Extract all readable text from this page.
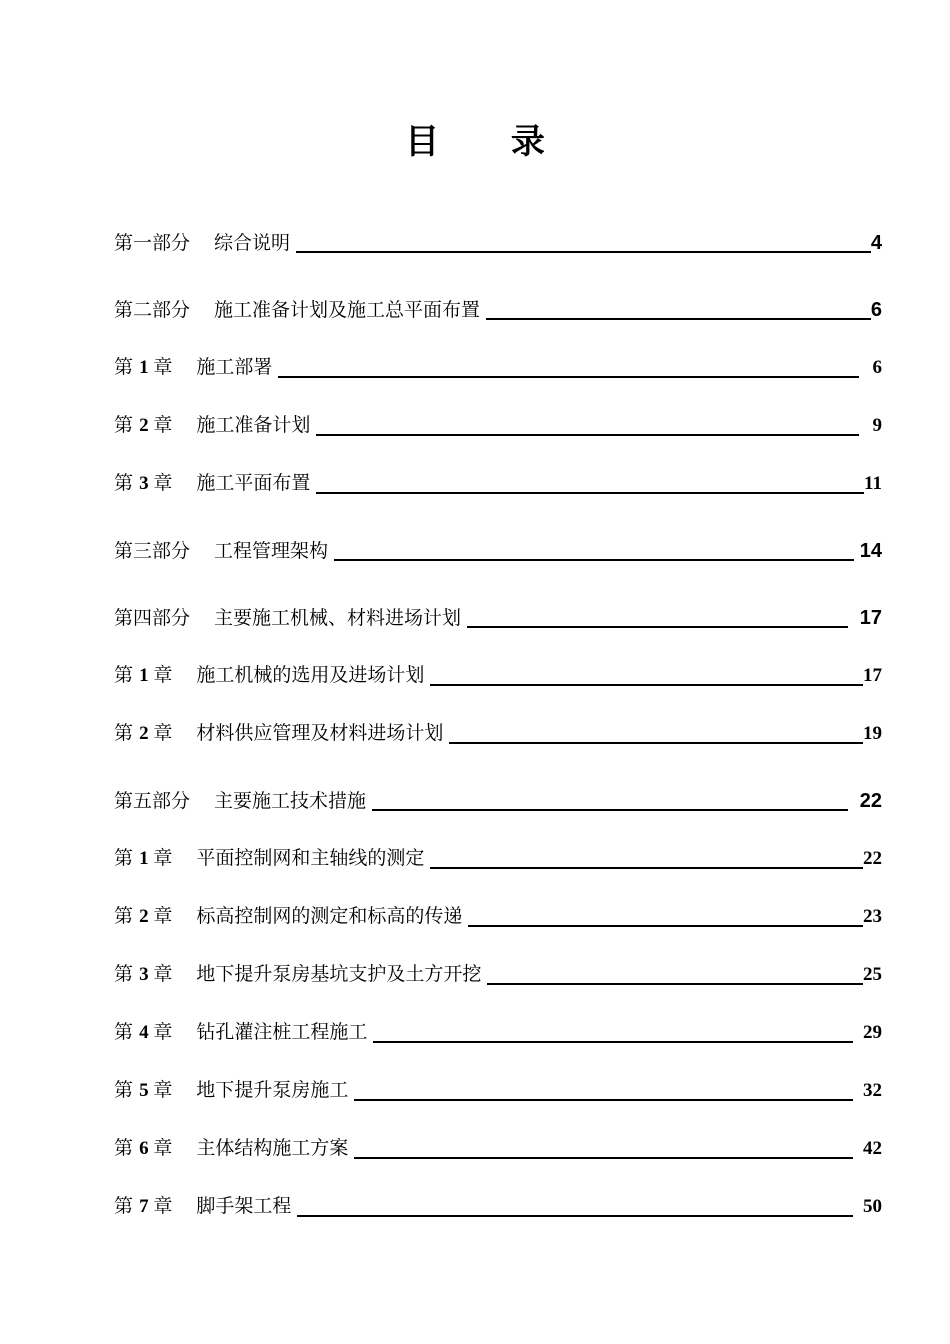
目 录
第一部分 综合说明	4
第二部分 施工准备计划及施工总平面布置	6
第 1 章 施工部署	6
第 2 章 施工准备计划	9
第 3 章 施工平面布置	11
第三部分 工程管理架构	14
第四部分 主要施工机械、材料进场计划	17
第 1 章 施工机械的选用及进场计划	17
第 2 章 材料供应管理及材料进场计划	19
第五部分 主要施工技术措施	22
第 1 章 平面控制网和主轴线的测定	22
第 2 章 标高控制网的测定和标高的传递	23
第 3 章 地下提升泵房基坑支护及土方开挖	25
第 4 章 钻孔灌注桩工程施工	29
第 5 章 地下提升泵房施工	32
第 6 章 主体结构施工方案	42
第 7 章 脚手架工程	50
